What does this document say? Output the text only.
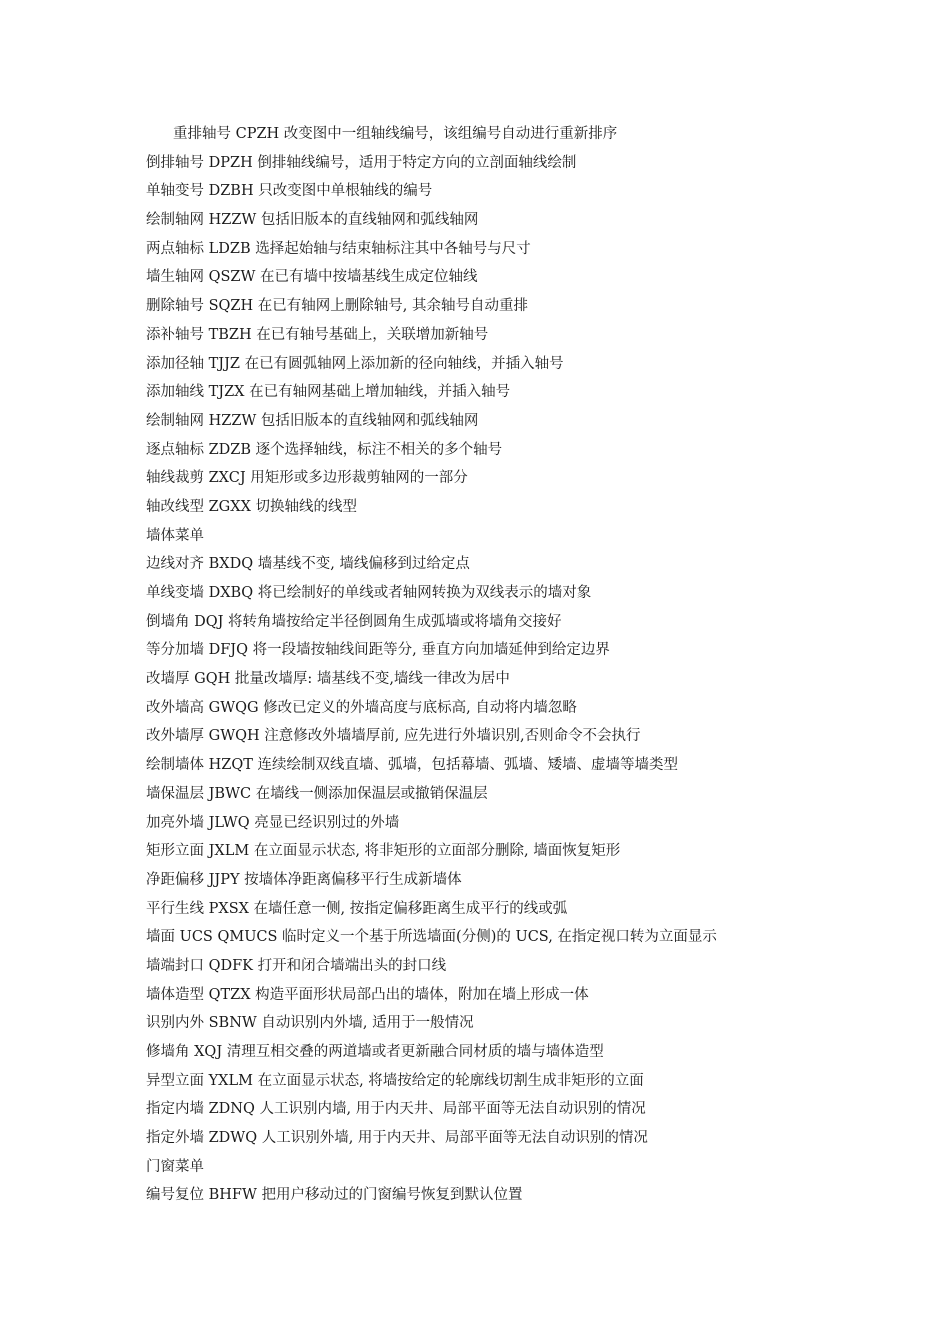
重排轴号 CPZH 改变图中一组轴线编号，该组编号自动进行重新排序
倒排轴号 DPZH 倒排轴线编号，适用于特定方向的立剖面轴线绘制
单轴变号 DZBH 只改变图中单根轴线的编号
绘制轴网 HZZW 包括旧版本的直线轴网和弧线轴网
两点轴标 LDZB 选择起始轴与结束轴标注其中各轴号与尺寸
墙生轴网 QSZW 在已有墙中按墙基线生成定位轴线
删除轴号 SQZH 在已有轴网上删除轴号, 其余轴号自动重排
添补轴号 TBZH 在已有轴号基础上，关联增加新轴号
添加径轴 TJJZ 在已有圆弧轴网上添加新的径向轴线，并插入轴号
添加轴线 TJZX 在已有轴网基础上增加轴线，并插入轴号
绘制轴网 HZZW 包括旧版本的直线轴网和弧线轴网
逐点轴标 ZDZB 逐个选择轴线，标注不相关的多个轴号
轴线裁剪 ZXCJ 用矩形或多边形裁剪轴网的一部分
轴改线型 ZGXX 切换轴线的线型
墙体菜单
边线对齐 BXDQ 墙基线不变, 墙线偏移到过给定点
单线变墙 DXBQ 将已绘制好的单线或者轴网转换为双线表示的墙对象
倒墙角 DQJ 将转角墙按给定半径倒圆角生成弧墙或将墙角交接好
等分加墙 DFJQ 将一段墙按轴线间距等分, 垂直方向加墙延伸到给定边界
改墙厚 GQH 批量改墙厚: 墙基线不变,墙线一律改为居中
改外墙高 GWQG 修改已定义的外墙高度与底标高, 自动将内墙忽略
改外墙厚 GWQH 注意修改外墙墙厚前, 应先进行外墙识别,否则命令不会执行
绘制墙体 HZQT 连续绘制双线直墙、弧墙，包括幕墙、弧墙、矮墙、虚墙等墙类型
墙保温层 JBWC 在墙线一侧添加保温层或撤销保温层
加亮外墙 JLWQ 亮显已经识别过的外墙
矩形立面 JXLM 在立面显示状态, 将非矩形的立面部分删除, 墙面恢复矩形
净距偏移 JJPY 按墙体净距离偏移平行生成新墙体
平行生线 PXSX 在墙任意一侧, 按指定偏移距离生成平行的线或弧
墙面 UCS QMUCS 临时定义一个基于所选墙面(分侧)的 UCS, 在指定视口转为立面显示
墙端封口 QDFK 打开和闭合墙端出头的封口线
墙体造型 QTZX 构造平面形状局部凸出的墙体，附加在墙上形成一体
识别内外 SBNW 自动识别内外墙, 适用于一般情况
修墙角 XQJ 清理互相交叠的两道墙或者更新融合同材质的墙与墙体造型
异型立面 YXLM 在立面显示状态, 将墙按给定的轮廓线切割生成非矩形的立面
指定内墙 ZDNQ 人工识别内墙, 用于内天井、局部平面等无法自动识别的情况
指定外墙 ZDWQ 人工识别外墙, 用于内天井、局部平面等无法自动识别的情况
门窗菜单
编号复位 BHFW 把用户移动过的门窗编号恢复到默认位置
